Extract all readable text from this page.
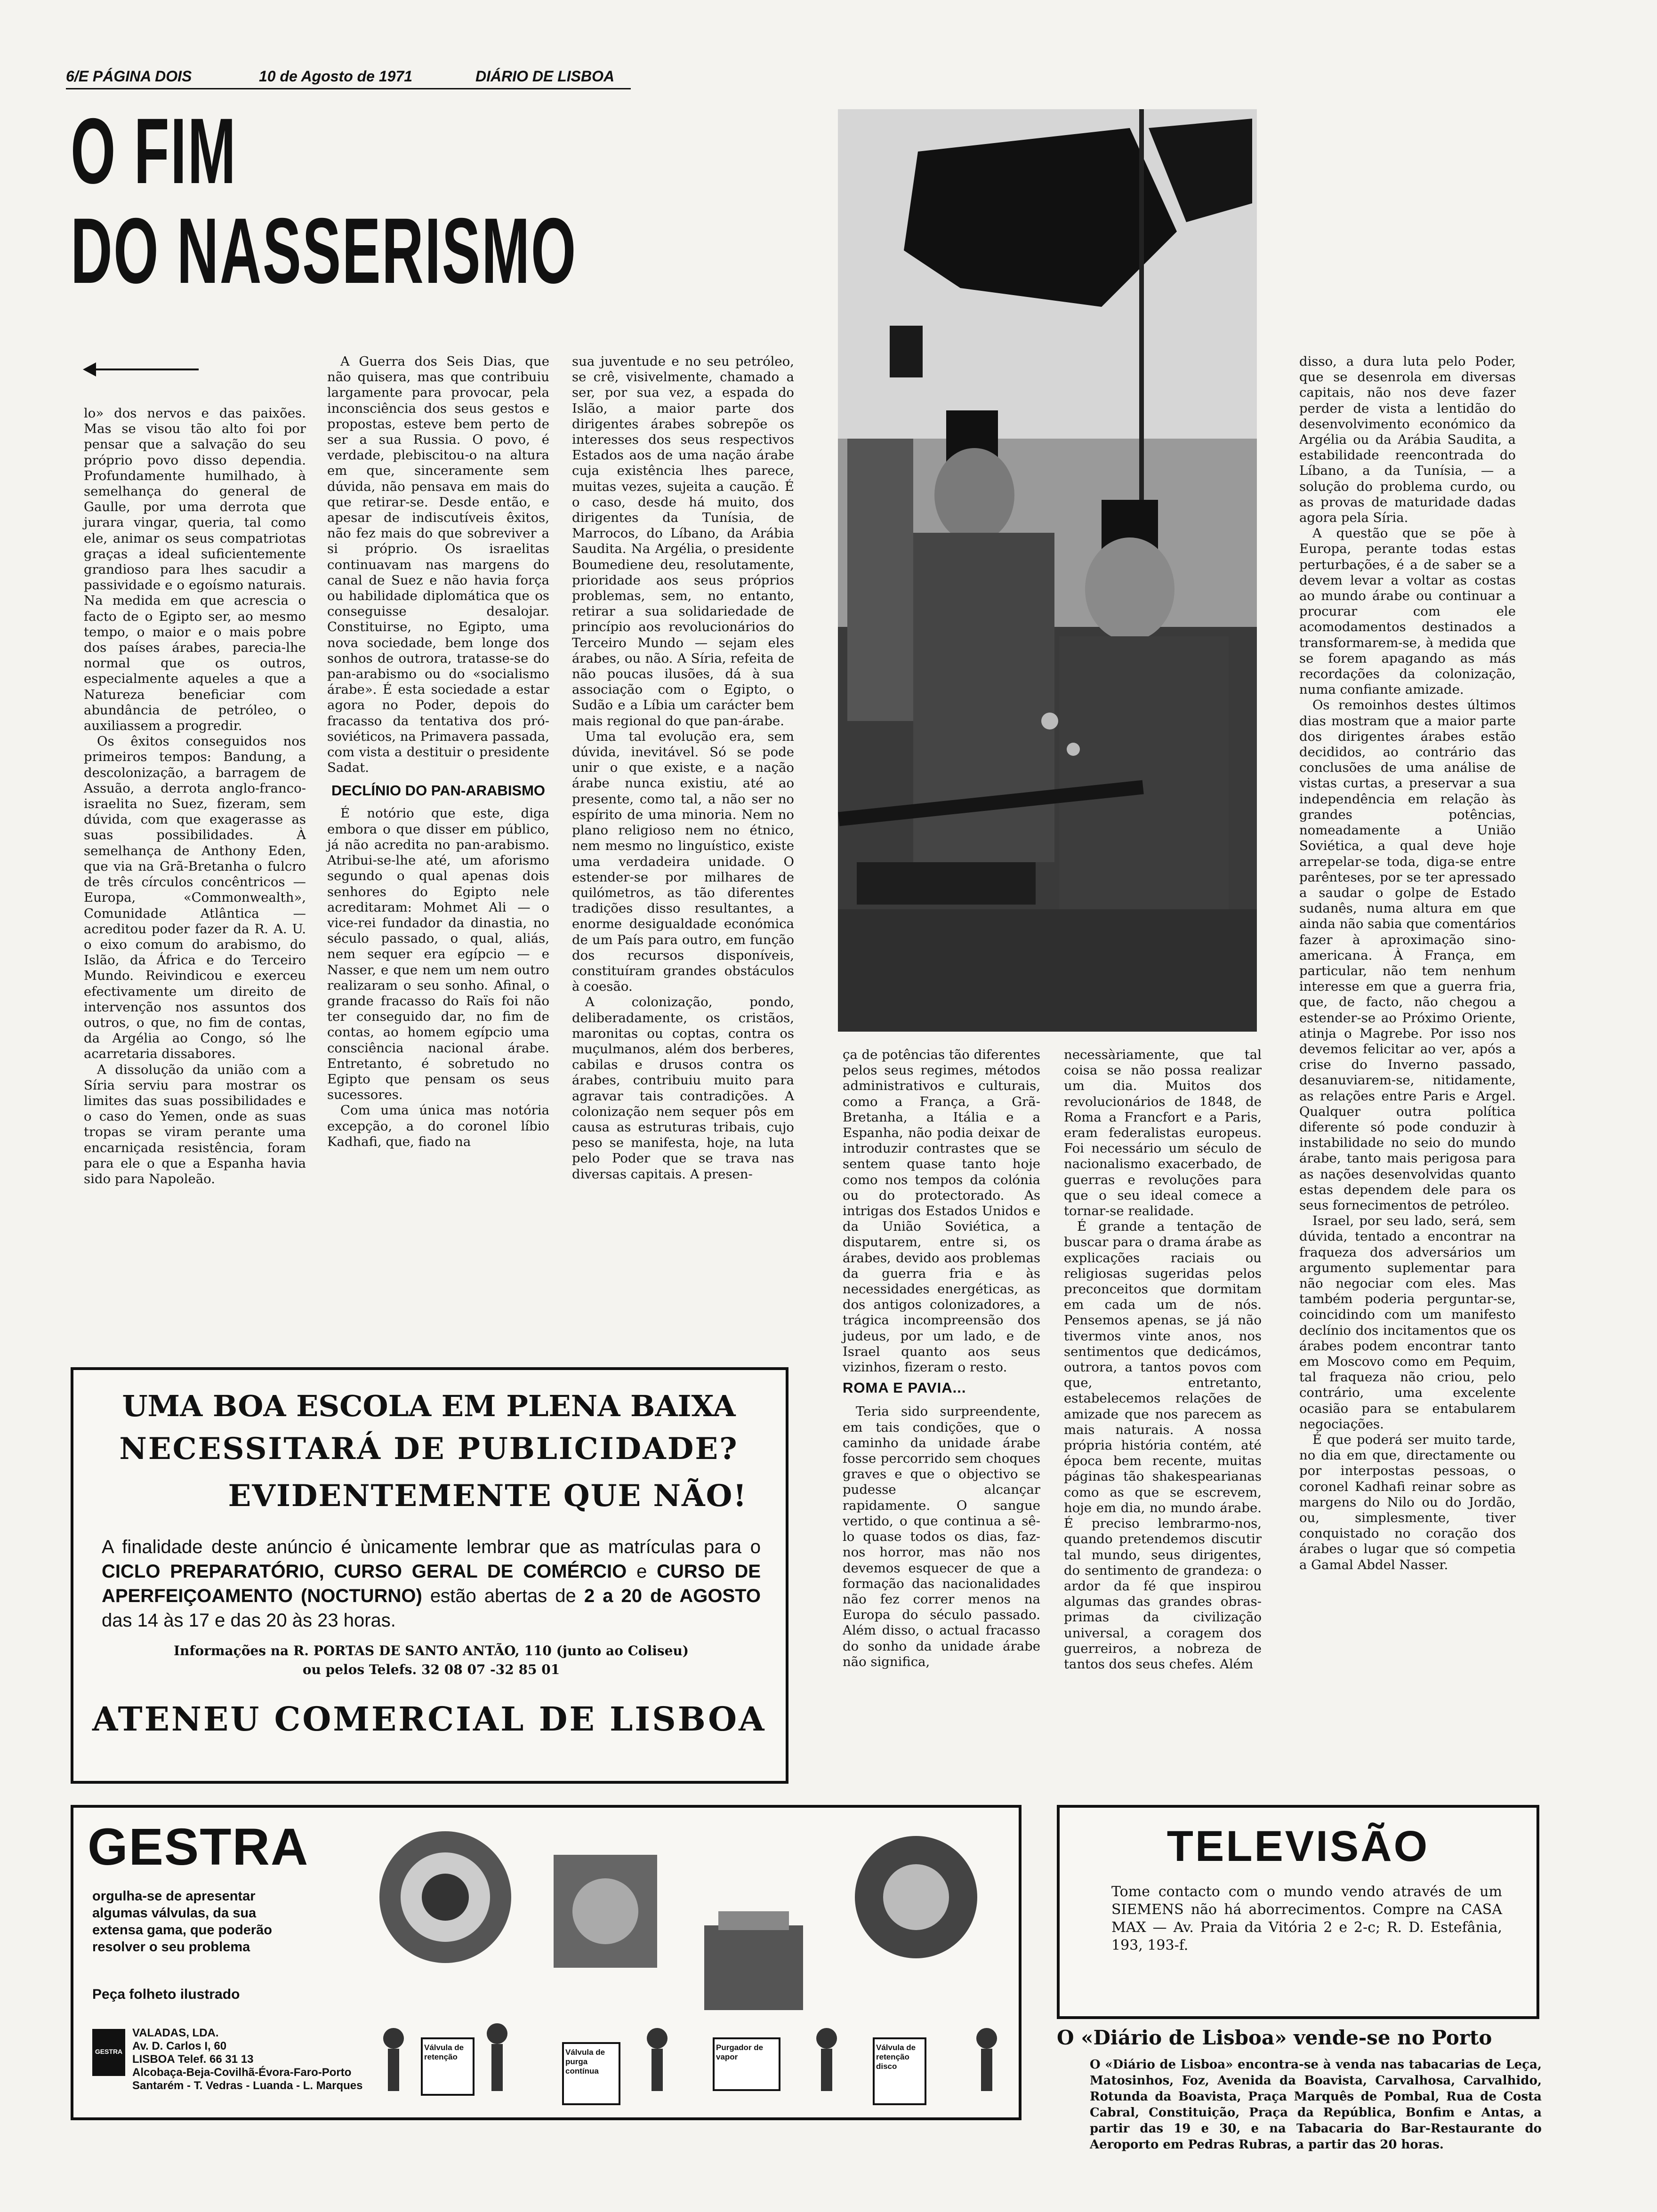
6/E PÁGINA DOIS	10 de Agosto de 1971	DIÁRIO DE LISBOA
O FIM
DO NASSERISMO

lo» dos nervos e das paixões. Mas se visou tão alto foi por pensar que a salvação do seu próprio povo disso dependia. Profundamente humilhado, à semelhança do general de Gaulle, por uma derrota que jurara vingar, queria, tal como ele, animar os seus compatriotas graças a ideal suficientemente grandioso para lhes sacudir a passividade e o egoísmo naturais. Na medida em que acrescia o facto de o Egipto ser, ao mesmo tempo, o maior e o mais pobre dos países árabes, parecia-lhe normal que os outros, especialmente aqueles a que a Natureza beneficiar com abundância de petróleo, o auxiliassem a progredir.

Os êxitos conseguidos nos primeiros tempos: Bandung, a descolonização, a barragem de Assuão, a derrota anglo-franco-israelita no Suez, fizeram, sem dúvida, com que exagerasse as suas possibilidades. À semelhança de Anthony Eden, que via na Grã-Bretanha o fulcro de três círculos concêntricos — Europa, «Commonwealth», Comunidade Atlântica — acreditou poder fazer da R. A. U. o eixo comum do arabismo, do Islão, da África e do Terceiro Mundo. Reivindicou e exerceu efectivamente um direito de intervenção nos assuntos dos outros, o que, no fim de contas, da Argélia ao Congo, só lhe acarretaria dissabores.

A dissolução da união com a Síria serviu para mostrar os limites das suas possibilidades e o caso do Yemen, onde as suas tropas se viram perante uma encarniçada resistência, foram para ele o que a Espanha havia sido para Napoleão.

A Guerra dos Seis Dias, que não quisera, mas que contribuiu largamente para provocar, pela inconsciência dos seus gestos e propostas, esteve bem perto de ser a sua Russia. O povo, é verdade, plebiscitou-o na altura em que, sinceramente sem dúvida, não pensava em mais do que retirar-se. Desde então, e apesar de indiscutíveis êxitos, não fez mais do que sobreviver a si próprio. Os israelitas continuavam nas margens do canal de Suez e não havia força ou habilidade diplomática que os conseguisse desalojar. Constituirse, no Egipto, uma nova sociedade, bem longe dos sonhos de outrora, tratasse-se do pan-arabismo ou do «socialismo árabe». É esta sociedade a estar agora no Poder, depois do fracasso da tentativa dos pró-soviéticos, na Primavera passada, com vista a destituir o presidente Sadat.

DECLÍNIO DO PAN-ARABISMO

É notório que este, diga embora o que disser em público, já não acredita no pan-arabismo. Atribui-se-lhe até, um aforismo segundo o qual apenas dois senhores do Egipto nele acreditaram: Mohmet Ali — o vice-rei fundador da dinastia, no século passado, o qual, aliás, nem sequer era egípcio — e Nasser, e que nem um nem outro realizaram o seu sonho. Afinal, o grande fracasso do Raïs foi não ter conseguido dar, no fim de contas, ao homem egípcio uma consciência nacional árabe. Entretanto, é sobretudo no Egipto que pensam os seus sucessores.

Com uma única mas notória excepção, a do coronel líbio Kadhafi, que, fiado na

sua juventude e no seu petróleo, se crê, visivelmente, chamado a ser, por sua vez, a espada do Islão, a maior parte dos dirigentes árabes sobrepõe os interesses dos seus respectivos Estados aos de uma nação árabe cuja existência lhes parece, muitas vezes, sujeita a caução. É o caso, desde há muito, dos dirigentes da Tunísia, de Marrocos, do Líbano, da Arábia Saudita. Na Argélia, o presidente Boumediene deu, resolutamente, prioridade aos seus próprios problemas, sem, no entanto, retirar a sua solidariedade de princípio aos revolucionários do Terceiro Mundo — sejam eles árabes, ou não. A Síria, refeita de não poucas ilusões, dá à sua associação com o Egipto, o Sudão e a Líbia um carácter bem mais regional do que pan-árabe.

Uma tal evolução era, sem dúvida, inevitável. Só se pode unir o que existe, e a nação árabe nunca existiu, até ao presente, como tal, a não ser no espírito de uma minoria. Nem no plano religioso nem no étnico, nem mesmo no linguístico, existe uma verdadeira unidade. O estender-se por milhares de quilómetros, as tão diferentes tradições disso resultantes, a enorme desigualdade económica de um País para outro, em função dos recursos disponíveis, constituíram grandes obstáculos à coesão.

A colonização, pondo, deliberadamente, os cristãos, maronitas ou coptas, contra os muçulmanos, além dos berberes, cabilas e drusos contra os árabes, contribuiu muito para agravar tais contradições. A colonização nem sequer pôs em causa as estruturas tribais, cujo peso se manifesta, hoje, na luta pelo Poder que se trava nas diversas capitais. A presen-

ça de potências tão diferentes pelos seus regimes, métodos administrativos e culturais, como a França, a Grã-Bretanha, a Itália e a Espanha, não podia deixar de introduzir contrastes que se sentem quase tanto hoje como nos tempos da colónia ou do protectorado. As intrigas dos Estados Unidos e da União Soviética, a disputarem, entre si, os árabes, devido aos problemas da guerra fria e às necessidades energéticas, as dos antigos colonizadores, a trágica incompreensão dos judeus, por um lado, e de Israel quanto aos seus vizinhos, fizeram o resto.

ROMA E PAVIA...

Teria sido surpreendente, em tais condições, que o caminho da unidade árabe fosse percorrido sem choques graves e que o objectivo se pudesse alcançar rapidamente. O sangue vertido, o que continua a sê-lo quase todos os dias, faz-nos horror, mas não nos devemos esquecer de que a formação das nacionalidades não fez correr menos na Europa do século passado. Além disso, o actual fracasso do sonho da unidade árabe não significa,

necessàriamente, que tal coisa se não possa realizar um dia. Muitos dos revolucionários de 1848, de Roma a Francfort e a Paris, eram federalistas europeus. Foi necessário um século de nacionalismo exacerbado, de guerras e revoluções para que o seu ideal comece a tornar-se realidade.

É grande a tentação de buscar para o drama árabe as explicações raciais ou religiosas sugeridas pelos preconceitos que dormitam em cada um de nós. Pensemos apenas, se já não tivermos vinte anos, nos sentimentos que dedicámos, outrora, a tantos povos com que, entretanto, estabelecemos relações de amizade que nos parecem as mais naturais. A nossa própria história contém, até época bem recente, muitas páginas tão shakespearianas como as que se escrevem, hoje em dia, no mundo árabe. É preciso lembrarmo-nos, quando pretendemos discutir tal mundo, seus dirigentes, do sentimento de grandeza: o ardor da fé que inspirou algumas das grandes obras-primas da civilização universal, a coragem dos guerreiros, a nobreza de tantos dos seus chefes. Além

disso, a dura luta pelo Poder, que se desenrola em diversas capitais, não nos deve fazer perder de vista a lentidão do desenvolvimento económico da Argélia ou da Arábia Saudita, a estabilidade reencontrada do Líbano, a da Tunísia, — a solução do problema curdo, ou as provas de maturidade dadas agora pela Síria.

A questão que se põe à Europa, perante todas estas perturbações, é a de saber se a devem levar a voltar as costas ao mundo árabe ou continuar a procurar com ele acomodamentos destinados a transformarem-se, à medida que se forem apagando as más recordações da colonização, numa confiante amizade.

Os remoinhos destes últimos dias mostram que a maior parte dos dirigentes árabes estão decididos, ao contrário das conclusões de uma análise de vistas curtas, a preservar a sua independência em relação às grandes potências, nomeadamente a União Soviética, a qual deve hoje arrepelar-se toda, diga-se entre parênteses, por se ter apressado a saudar o golpe de Estado sudanês, numa altura em que ainda não sabia que comentários fazer à aproximação sino-americana. À França, em particular, não tem nenhum interesse em que a guerra fria, que, de facto, não chegou a estender-se ao Próximo Oriente, atinja o Magrebe. Por isso nos devemos felicitar ao ver, após a crise do Inverno passado, desanuviarem-se, nitidamente, as relações entre Paris e Argel. Qualquer outra política diferente só pode conduzir à instabilidade no seio do mundo árabe, tanto mais perigosa para as nações desenvolvidas quanto estas dependem dele para os seus fornecimentos de petróleo.

Israel, por seu lado, será, sem dúvida, tentado a encontrar na fraqueza dos adversários um argumento suplementar para não negociar com eles. Mas também poderia perguntar-se, coincidindo com um manifesto declínio dos incitamentos que os árabes podem encontrar tanto em Moscovo como em Pequim, tal fraqueza não criou, pelo contrário, uma excelente ocasião para se entabularem negociações.

É que poderá ser muito tarde, no dia em que, directamente ou por interpostas pessoas, o coronel Kadhafi reinar sobre as margens do Nilo ou do Jordão, ou, simplesmente, tiver conquistado no coração dos árabes o lugar que só competia a Gamal Abdel Nasser.

UMA BOA ESCOLA EM PLENA BAIXA
NECESSITARÁ DE PUBLICIDADE?
EVIDENTEMENTE QUE NÃO!
A finalidade deste anúncio é ùnicamente lembrar que as matrículas para o CICLO PREPARATÓRIO, CURSO GERAL DE COMÉRCIO e CURSO DE APERFEIÇOAMENTO (NOCTURNO) estão abertas de 2 a 20 de AGOSTO das 14 às 17 e das 20 às 23 horas.
Informações na R. PORTAS DE SANTO ANTÃO, 110 (junto ao Coliseu)
ou pelos Telefs. 32 08 07 -32 85 01
ATENEU COMERCIAL DE LISBOA
GESTRA
orgulha-se de apresentar algumas válvulas, da sua extensa gama, que poderão resolver o seu problema
Peça folheto ilustrado
GESTRA
VALADAS, LDA.
Av. D. Carlos I, 60
LISBOA Telef. 66 31 13
Alcobaça-Beja-Covilhã-Évora-Faro-Porto
Santarém - T. Vedras - Luanda - L. Marques
Válvula de retenção
Válvula de purga contínua
Purgador de vapor
Válvula de retenção disco
TELEVISÃO
Tome contacto com o mundo vendo através de um SIEMENS não há aborrecimentos. Compre na CASA MAX — Av. Praia da Vitória 2 e 2-c; R. D. Estefânia, 193, 193-f.
O «Diário de Lisboa» vende-se no Porto
O «Diário de Lisboa» encontra-se à venda nas tabacarias de Leça, Matosinhos, Foz, Avenida da Boavista, Carvalhosa, Carvalhido, Rotunda da Boavista, Praça Marquês de Pombal, Rua de Costa Cabral, Constituição, Praça da República, Bonfim e Antas, a partir das 19 e 30, e na Tabacaria do Bar-Restaurante do Aeroporto em Pedras Rubras, a partir das 20 horas.
